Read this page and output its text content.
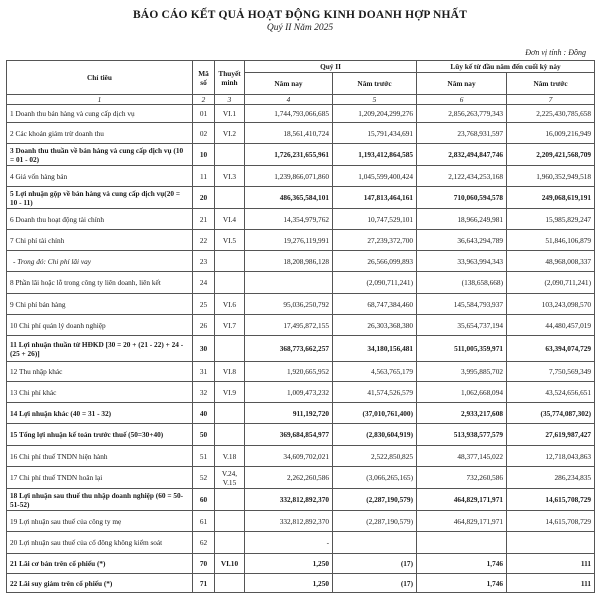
BÁO CÁO KẾT QUẢ HOẠT ĐỘNG KINH DOANH HỢP NHẤT
Quý II Năm 2025
Đơn vị tính : Đồng
Chỉ tiêu	Mã số	Thuyết minh	Quý II		Lũy kế từ đầu năm đến cuối kỳ này	
			Năm nay	Năm trước	Năm nay	Năm trước
1	2	3	4	5	6	7
1 Doanh thu bán hàng và cung cấp dịch vụ	01	VI.1	1,744,793,066,685	1,209,204,299,276	2,856,263,779,343	2,225,430,785,658
2 Các khoản giảm trừ doanh thu	02	VI.2	18,561,410,724	15,791,434,691	23,768,931,597	16,009,216,949
3 Doanh thu thuần về bán hàng và cung cấp dịch vụ (10 = 01 - 02)	10		1,726,231,655,961	1,193,412,864,585	2,832,494,847,746	2,209,421,568,709
4 Giá vốn hàng bán	11	VI.3	1,239,866,071,860	1,045,599,400,424	2,122,434,253,168	1,960,352,949,518
5 Lợi nhuận gộp về bán hàng và cung cấp dịch vụ(20 = 10 - 11)	20		486,365,584,101	147,813,464,161	710,060,594,578	249,068,619,191
6 Doanh thu hoạt động tài chính	21	VI.4	14,354,979,762	10,747,529,101	18,966,249,981	15,985,829,247
7 Chi phí tài chính	22	VI.5	19,276,119,991	27,239,372,700	36,643,294,789	51,846,106,879
- Trong đó: Chi phí lãi vay	23		18,208,986,128	26,566,099,893	33,963,994,343	48,968,008,337
8 Phần lãi hoặc lỗ trong công ty liên doanh, liên kết	24			(2,090,711,241)	(138,658,668)	(2,090,711,241)
9 Chi phí bán hàng	25	VI.6	95,036,250,792	68,747,384,460	145,584,793,937	103,243,098,570
10 Chi phí quản lý doanh nghiệp	26	VI.7	17,495,872,155	26,303,368,380	35,654,737,194	44,480,457,019
11 Lợi nhuận thuần từ HĐKD [30 = 20 + (21 - 22) + 24 - (25 + 26)]	30		368,773,662,257	34,180,156,481	511,005,359,971	63,394,074,729
12 Thu nhập khác	31	VI.8	1,920,665,952	4,563,765,179	3,995,885,702	7,750,569,349
13 Chi phí khác	32	VI.9	1,009,473,232	41,574,526,579	1,062,668,094	43,524,656,651
14 Lợi nhuận khác (40 = 31 - 32)	40		911,192,720	(37,010,761,400)	2,933,217,608	(35,774,087,302)
15 Tổng lợi nhuận kế toán trước thuế (50=30+40)	50		369,684,854,977	(2,830,604,919)	513,938,577,579	27,619,987,427
16 Chi phí thuế TNDN hiện hành	51	V.18	34,609,702,021	2,522,850,825	48,377,145,022	12,718,043,863
17 Chi phí thuế TNDN hoãn lại	52	V.24, V.15	2,262,260,586	(3,066,265,165)	732,260,586	286,234,835
18 Lợi nhuận sau thuế thu nhập doanh nghiệp (60 = 50-51-52)	60		332,812,892,370	(2,287,190,579)	464,829,171,971	14,615,708,729
19 Lợi nhuận sau thuế của công ty mẹ	61		332,812,892,370	(2,287,190,579)	464,829,171,971	14,615,708,729
20 Lợi nhuận sau thuế của cổ đông không kiểm soát	62		-			
21 Lãi cơ bản trên cổ phiếu (*)	70	VI.10	1,250	(17)	1,746	111
22 Lãi suy giảm trên cổ phiếu (*)	71		1,250	(17)	1,746	111
